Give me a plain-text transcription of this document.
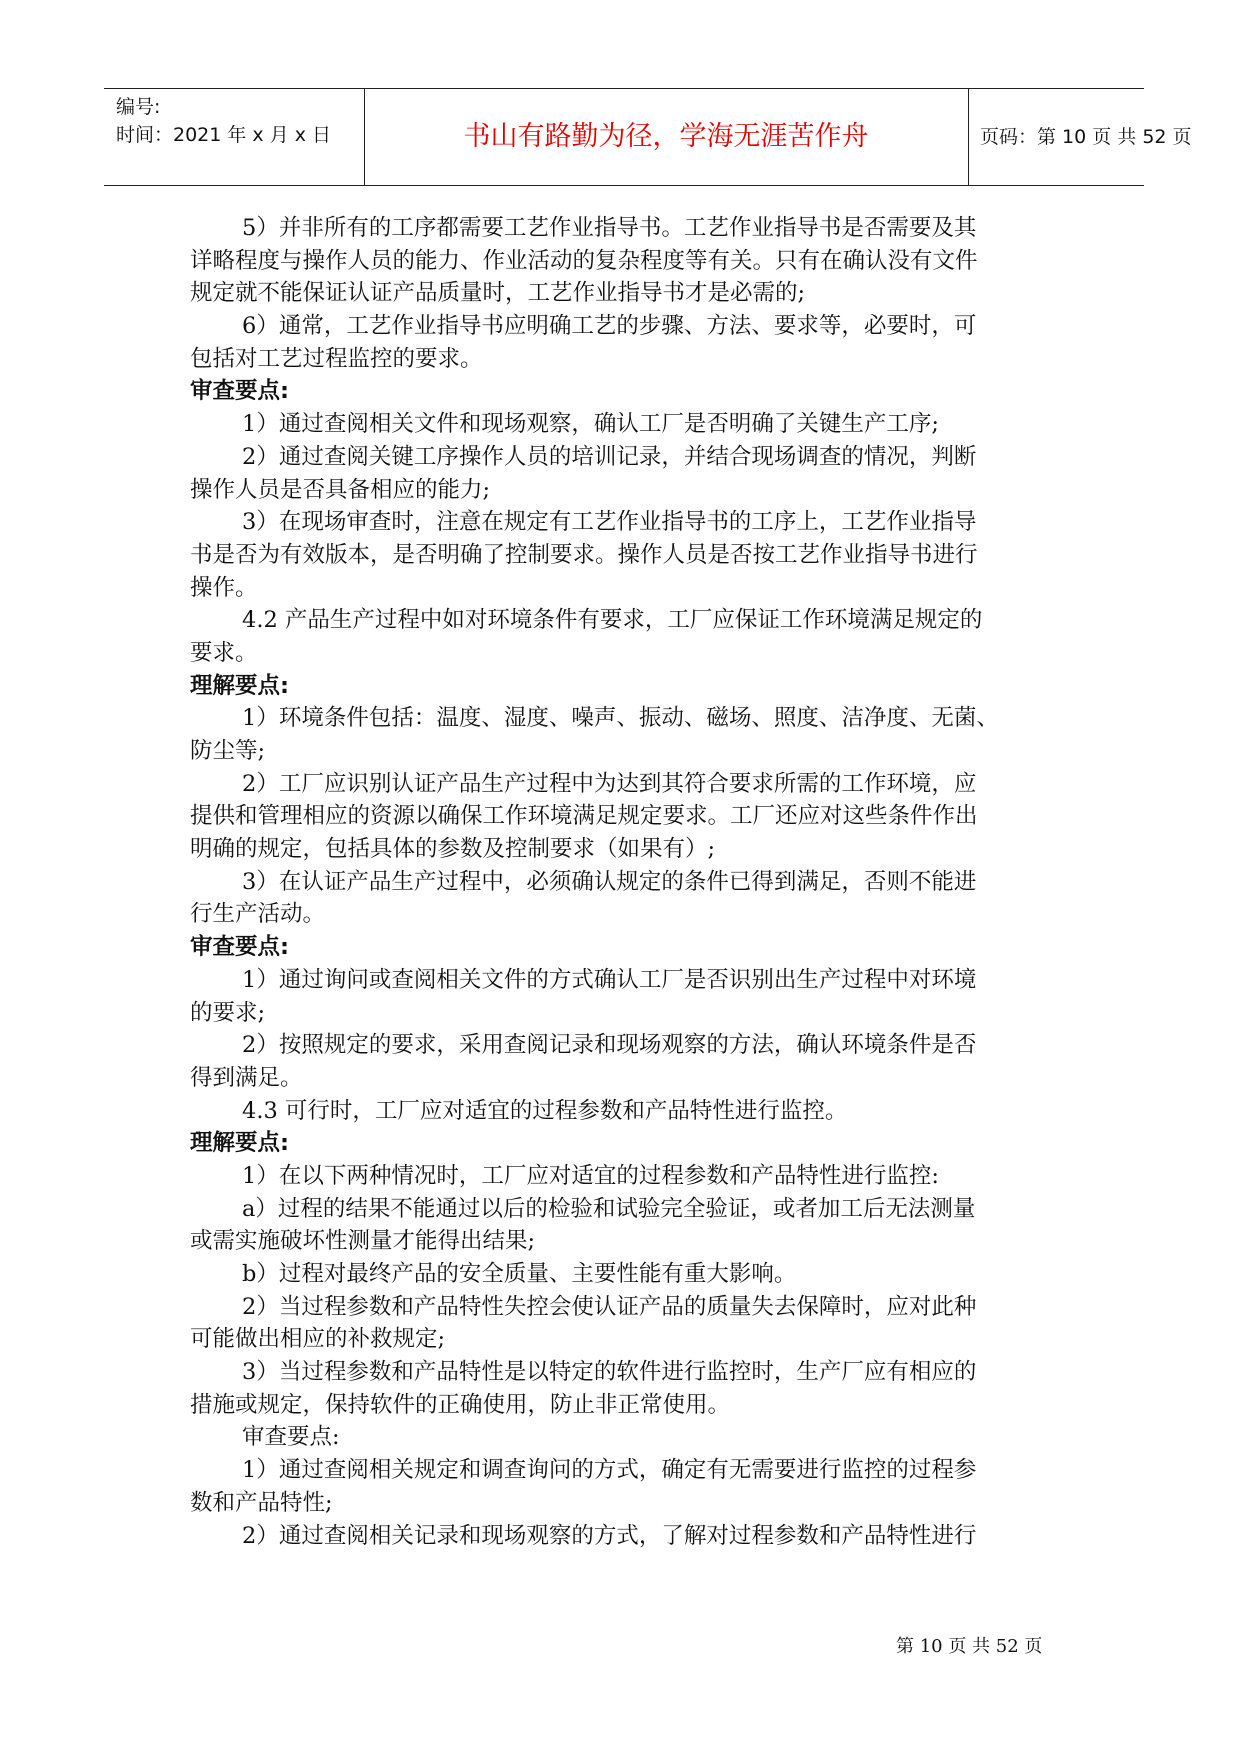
编号:
时间：2021 年 x 月 x 日	书山有路勤为径，学海无涯苦作舟	页码：第 10 页 共 52 页
5）并非所有的工序都需要工艺作业指导书。工艺作业指导书是否需要及其
详略程度与操作人员的能力、作业活动的复杂程度等有关。只有在确认没有文件
规定就不能保证认证产品质量时，工艺作业指导书才是必需的;
6）通常，工艺作业指导书应明确工艺的步骤、方法、要求等，必要时，可
包括对工艺过程监控的要求。
审查要点:
1）通过查阅相关文件和现场观察，确认工厂是否明确了关键生产工序;
2）通过查阅关键工序操作人员的培训记录，并结合现场调查的情况，判断
操作人员是否具备相应的能力;
3）在现场审查时，注意在规定有工艺作业指导书的工序上，工艺作业指导
书是否为有效版本，是否明确了控制要求。操作人员是否按工艺作业指导书进行
操作。
4.2 产品生产过程中如对环境条件有要求，工厂应保证工作环境满足规定的
要求。
理解要点:
1）环境条件包括：温度、湿度、噪声、振动、磁场、照度、洁净度、无菌、
防尘等;
2）工厂应识别认证产品生产过程中为达到其符合要求所需的工作环境，应
提供和管理相应的资源以确保工作环境满足规定要求。工厂还应对这些条件作出
明确的规定，包括具体的参数及控制要求（如果有）;
3）在认证产品生产过程中，必须确认规定的条件已得到满足，否则不能进
行生产活动。
审查要点:
1）通过询问或查阅相关文件的方式确认工厂是否识别出生产过程中对环境
的要求;
2）按照规定的要求，采用查阅记录和现场观察的方法，确认环境条件是否
得到满足。
4.3 可行时，工厂应对适宜的过程参数和产品特性进行监控。
理解要点:
1）在以下两种情况时，工厂应对适宜的过程参数和产品特性进行监控:
a）过程的结果不能通过以后的检验和试验完全验证，或者加工后无法测量
或需实施破坏性测量才能得出结果;
b）过程对最终产品的安全质量、主要性能有重大影响。
2）当过程参数和产品特性失控会使认证产品的质量失去保障时，应对此种
可能做出相应的补救规定;
3）当过程参数和产品特性是以特定的软件进行监控时，生产厂应有相应的
措施或规定，保持软件的正确使用，防止非正常使用。
审查要点:
1）通过查阅相关规定和调查询问的方式，确定有无需要进行监控的过程参
数和产品特性;
2）通过查阅相关记录和现场观察的方式，了解对过程参数和产品特性进行
第 10 页 共 52 页
